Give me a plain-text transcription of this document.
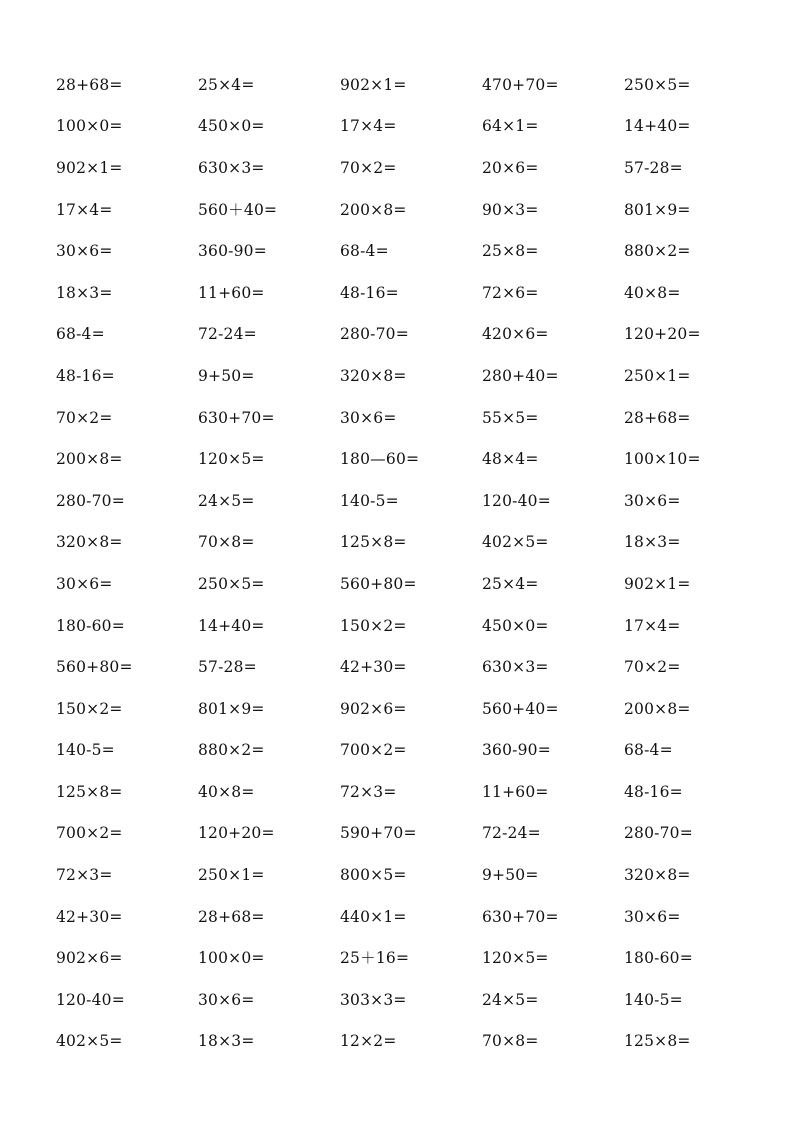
28+68=	25×4=	902×1=	470+70=	250×5=
100×0=	450×0=	17×4=	64×1=	14+40=
902×1=	630×3=	70×2=	20×6=	57-28=
17×4=	560＋40=	200×8=	90×3=	801×9=
30×6=	360-90=	68-4=	25×8=	880×2=
18×3=	11+60=	48-16=	72×6=	40×8=
68-4=	72-24=	280-70=	420×6=	120+20=
48-16=	9+50=	320×8=	280+40=	250×1=
70×2=	630+70=	30×6=	55×5=	28+68=
200×8=	120×5=	180—60=	48×4=	100×10=
280-70=	24×5=	140-5=	120-40=	30×6=
320×8=	70×8=	125×8=	402×5=	18×3=
30×6=	250×5=	560+80=	25×4=	902×1=
180-60=	14+40=	150×2=	450×0=	17×4=
560+80=	57-28=	42+30=	630×3=	70×2=
150×2=	801×9=	902×6=	560+40=	200×8=
140-5=	880×2=	700×2=	360-90=	68-4=
125×8=	40×8=	72×3=	11+60=	48-16=
700×2=	120+20=	590+70=	72-24=	280-70=
72×3=	250×1=	800×5=	9+50=	320×8=
42+30=	28+68=	440×1=	630+70=	30×6=
902×6=	100×0=	25＋16=	120×5=	180-60=
120-40=	30×6=	303×3=	24×5=	140-5=
402×5=	18×3=	12×2=	70×8=	125×8=
